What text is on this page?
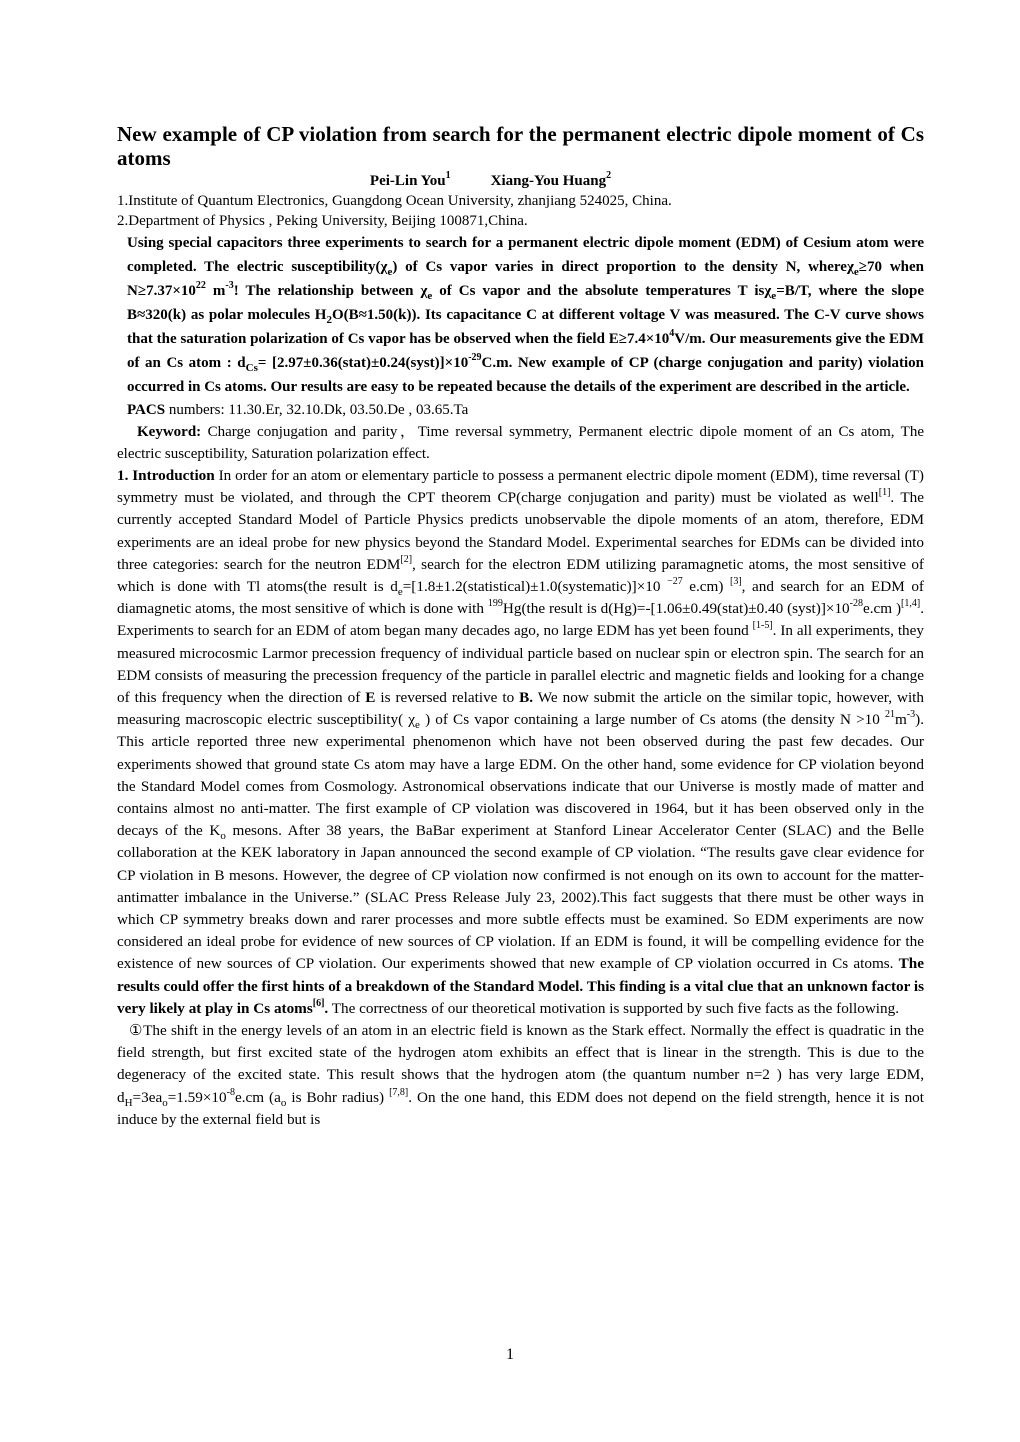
New example of CP violation from search for the permanent electric dipole moment of Cs atoms
Pei-Lin You$^1$	Xiang-You Huang$^2$
1.Institute of Quantum Electronics, Guangdong Ocean University, zhanjiang 524025, China.
2.Department of Physics , Peking University, Beijing 100871,China.

Using special capacitors three experiments to search for a permanent electric dipole moment (EDM) of Cesium atom were completed. The electric $susceptibility(\chi_e)$ of Cs vapor varies in direct proportion to the density N, whereχ$_e$≥70 when $N\ge 7.37\times 10^{22}$ $m^{-3}$! The relationship between $\chi_e$ of Cs vapor and the absolute temperatures T isχ$_e$=B/T, where the slope B≈320(k) as polar molecules $H_2O(B\approx 1.50(k))$. Its capacitance C at different voltage V was measured. The C-V curve shows that the saturation polarization of Cs vapor has be observed when the field $E\ge 7.4\times 10^4V/m$. Our measurements give the EDM of an Cs atom : $d_{Cs}=$ $[2.97\pm 0.36(stat)\pm 0.24(syst)]\times 10^{-29}C.m$. New example of CP (charge conjugation and parity) violation occurred in Cs atoms. Our results are easy to be repeated because the details of the experiment are described in the article.

PACS numbers: 11.30.Er, 32.10.Dk, 03.50.De , 03.65.Ta

Keyword: Charge conjugation and parity，Time reversal symmetry, Permanent electric dipole moment of an Cs atom, The electric susceptibility, Saturation polarization effect.

1. Introduction In order for an atom or elementary particle to possess a permanent electric dipole moment (EDM), time reversal (T) symmetry must be violated, and through the CPT theorem CP(charge conjugation and parity) must be violated as well[1]. The currently accepted Standard Model of Particle Physics predicts unobservable the dipole moments of an atom, therefore, EDM experiments are an ideal probe for new physics beyond the Standard Model. Experimental searches for EDMs can be divided into three categories: search for the neutron EDM[2], search for the electron EDM utilizing paramagnetic atoms, the most sensitive of which is done with Tl atoms(the result is $d_e=[1.8\pm 1.2(statistical)\pm 1.0(systematic)]\times 10$ $^{-27}$ e.cm) [3], and search for an EDM of diamagnetic atoms, the most sensitive of which is done with $^{199}$Hg(the result is d(Hg)=-[1.06±0.49(stat)±0.40 $(syst)]\times 10^{-28}e.cm$ )[1,4]. Experiments to search for an EDM of atom began many decades ago, no large EDM has yet been found [1-5]. In all experiments, they measured microcosmic Larmor precession frequency of individual particle based on nuclear spin or electron spin. The search for an EDM consists of measuring the precession frequency of the particle in parallel electric and magnetic fields and looking for a change of this frequency when the direction of E is reversed relative to B. We now submit the article on the similar topic, however, with measuring macroscopic electric susceptibility( $\chi_e$ ) of Cs vapor containing a large number of Cs atoms (the density N >10 $^{21}m^{-3}$). This article reported three new experimental phenomenon which have not been observed during the past few decades. Our experiments showed that ground state Cs atom may have a large EDM. On the other hand, some evidence for CP violation beyond the Standard Model comes from Cosmology. Astronomical observations indicate that our Universe is mostly made of matter and contains almost no anti-matter. The first example of CP violation was discovered in 1964, but it has been observed only in the decays of the $K_o$ mesons. After 38 years, the BaBar experiment at Stanford Linear Accelerator Center (SLAC) and the Belle collaboration at the KEK laboratory in Japan announced the second example of CP violation. “The results gave clear evidence for CP violation in B mesons. However, the degree of CP violation now confirmed is not enough on its own to account for the matter-antimatter imbalance in the Universe.” (SLAC Press Release July 23, 2002).This fact suggests that there must be other ways in which CP symmetry breaks down and rarer processes and more subtle effects must be examined. So EDM experiments are now considered an ideal probe for evidence of new sources of CP violation. If an EDM is found, it will be compelling evidence for the existence of new sources of CP violation. Our experiments showed that new example of CP violation occurred in Cs atoms. The results could offer the first hints of a breakdown of the Standard Model. This finding is a vital clue that an unknown factor is very likely at play in Cs atoms[6]. The correctness of our theoretical motivation is supported by such five facts as the following.

①The shift in the energy levels of an atom in an electric field is known as the Stark effect. Normally the effect is quadratic in the field strength, but first excited state of the hydrogen atom exhibits an effect that is linear in the strength. This is due to the degeneracy of the excited state. This result shows that the hydrogen atom (the quantum number n=2 ) has very large EDM, $d_H=3ea_o=1.59\times 10^{-8}e.cm$ ($a_o$ is Bohr radius) [7,8]. On the one hand, this EDM does not depend on the field strength, hence it is not induce by the external field but is

1
